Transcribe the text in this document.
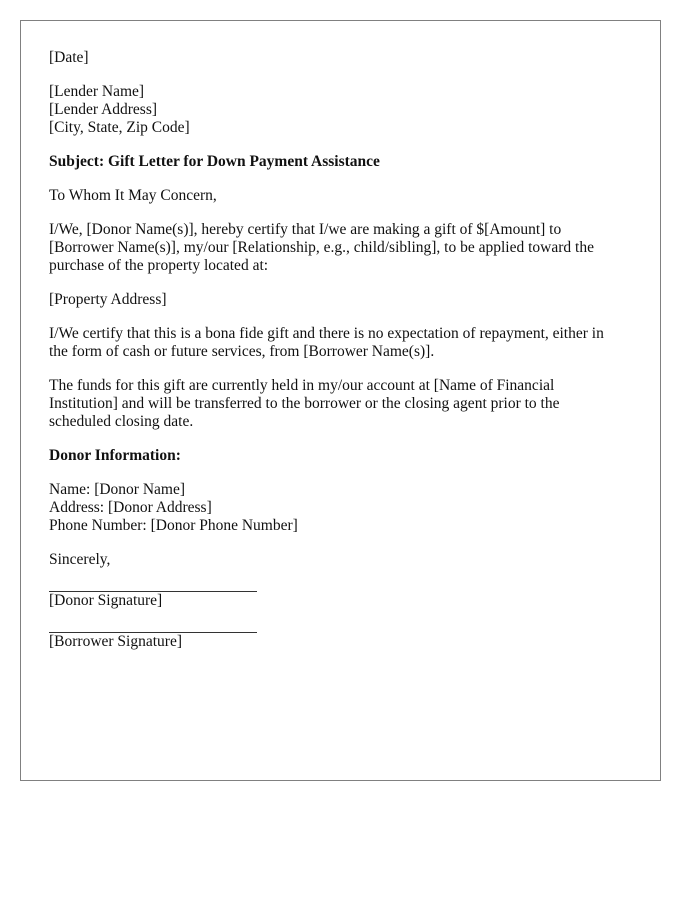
[Date]
[Lender Name]
[Lender Address]
[City, State, Zip Code]
Subject: Gift Letter for Down Payment Assistance
To Whom It May Concern,

I/We, [Donor Name(s)], hereby certify that I/we are making a gift of $[Amount] to
[Borrower Name(s)], my/our [Relationship, e.g., child/sibling], to be applied toward the
purchase of the property located at:

[Property Address]

I/We certify that this is a bona fide gift and there is no expectation of repayment, either in
the form of cash or future services, from [Borrower Name(s)].

The funds for this gift are currently held in my/our account at [Name of Financial
Institution] and will be transferred to the borrower or the closing agent prior to the
scheduled closing date.

Donor Information:
Name: [Donor Name]
Address: [Donor Address]
Phone Number: [Donor Phone Number]
Sincerely,
[Donor Signature]
[Borrower Signature]
